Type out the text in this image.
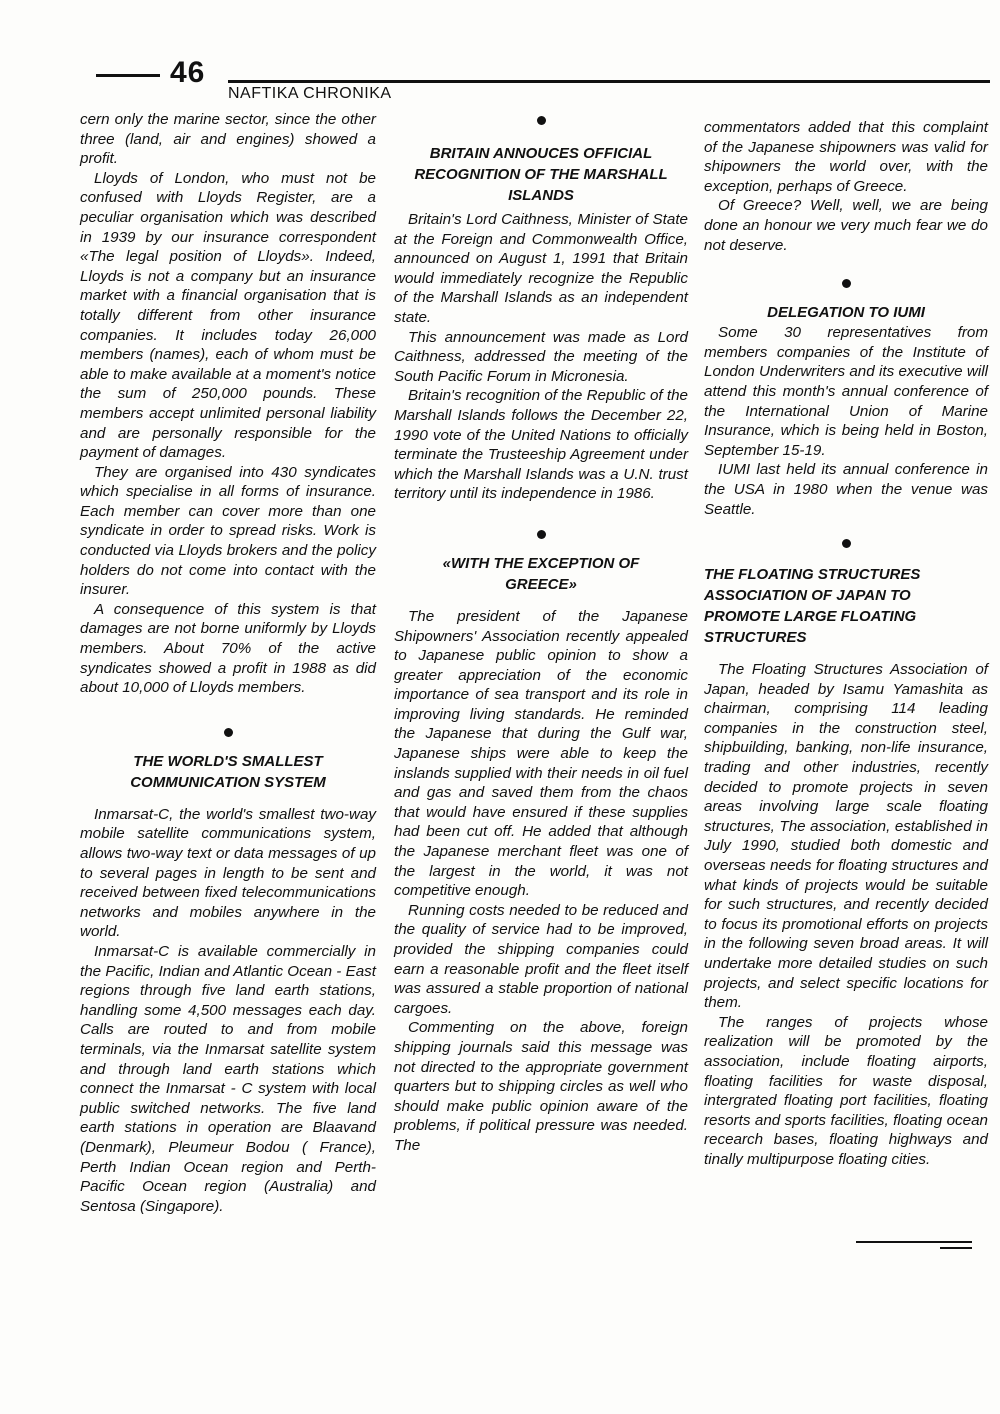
46
NAFTIKA CHRONIKA

cern only the marine sector, since the other three (land, air and engines) showed a profit.

Lloyds of London, who must not be confused with Lloyds Register, are a peculiar organisation which was described in 1939 by our insurance correspondent «The legal position of Lloyds». Indeed, Lloyds is not a company but an insurance market with a financial organisation that is totally different from other insurance companies. It includes today 26,000 members (names), each of whom must be able to make available at a moment's notice the sum of 250,000 pounds. These members accept unlimited personal liability and are personally responsible for the payment of damages.

They are organised into 430 syndicates which specialise in all forms of insurance. Each member can cover more than one syndicate in order to spread risks. Work is conducted via Lloyds brokers and the policy holders do not come into contact with the insurer.

A consequence of this system is that damages are not borne uniformly by Lloyds members. About 70% of the active syndicates showed a profit in 1988 as did about 10,000 of Lloyds members.

THE WORLD'S SMALLEST COMMUNICATION SYSTEM

Inmarsat-C, the world's smallest two-way mobile satellite communications system, allows two-way text or data messages of up to several pages in length to be sent and received between fixed telecommunications networks and mobiles anywhere in the world.

Inmarsat-C is available commercially in the Pacific, Indian and Atlantic Ocean - East regions through five land earth stations, handling some 4,500 messages each day. Calls are routed to and from mobile terminals, via the Inmarsat satellite system and through land earth stations which connect the Inmarsat - C system with local public switched networks. The five land earth stations in operation are Blaavand (Denmark), Pleumeur Bodou ( France), Perth Indian Ocean region and Perth-Pacific Ocean region (Australia) and Sentosa (Singapore).

BRITAIN ANNOUCES OFFICIAL RECOGNITION OF THE MARSHALL ISLANDS

Britain's Lord Caithness, Minister of State at the Foreign and Commonwealth Office, announced on August 1, 1991 that Britain would immediately recognize the Republic of the Marshall Islands as an independent state.

This announcement was made as Lord Caithness, addressed the meeting of the South Pacific Forum in Micronesia.

Britain's recognition of the Republic of the Marshall Islands follows the December 22, 1990 vote of the United Nations to officially terminate the Trusteeship Agreement under which the Marshall Islands was a U.N. trust territory until its independence in 1986.

«WITH THE EXCEPTION OF GREECE»

The president of the Japanese Shipowners' Association recently appealed to Japanese public opinion to show a greater appreciation of the economic importance of sea transport and its role in improving living standards. He reminded the Japanese that during the Gulf war, Japanese ships were able to keep the inslands supplied with their needs in oil fuel and gas and saved them from the chaos that would have ensured if these supplies had been cut off. He added that although the Japanese merchant fleet was one of the largest in the world, it was not competitive enough.

Running costs needed to be reduced and the quality of service had to be improved, provided the shipping companies could earn a reasonable profit and the fleet itself was assured a stable proportion of national cargoes.

Commenting on the above, foreign shipping journals said this message was not directed to the appropriate government quarters but to shipping circles as well who should make public opinion aware of the problems, if political pressure was needed. The

commentators added that this complaint of the Japanese shipowners was valid for shipowners the world over, with the exception, perhaps of Greece.

Of Greece? Well, well, we are being done an honour we very much fear we do not deserve.

DELEGATION TO IUMI

Some 30 representatives from members companies of the Institute of London Underwriters and its executive will attend this month's annual conference of the International Union of Marine Insurance, which is being held in Boston, September 15-19.

IUMI last held its annual conference in the USA in 1980 when the venue was Seattle.

THE FLOATING STRUCTURES ASSOCIATION OF JAPAN TO PROMOTE LARGE FLOATING STRUCTURES

The Floating Structures Association of Japan, headed by Isamu Yamashita as chairman, comprising 114 leading companies in the construction steel, shipbuilding, banking, non-life insurance, trading and other industries, recently decided to promote projects in seven areas involving large scale floating structures, The association, established in July 1990, studied both domestic and overseas needs for floating structures and what kinds of projects would be suitable for such structures, and recently decided to focus its promotional efforts on projects in the following seven broad areas. It will undertake more detailed studies on such projects, and select specific locations for them.

The ranges of projects whose realization will be promoted by the association, include floating airports, floating facilities for waste disposal, intergrated floating port facilities, floating resorts and sports facilities, floating ocean recearch bases, floating highways and tinally multipurpose floating cities.
